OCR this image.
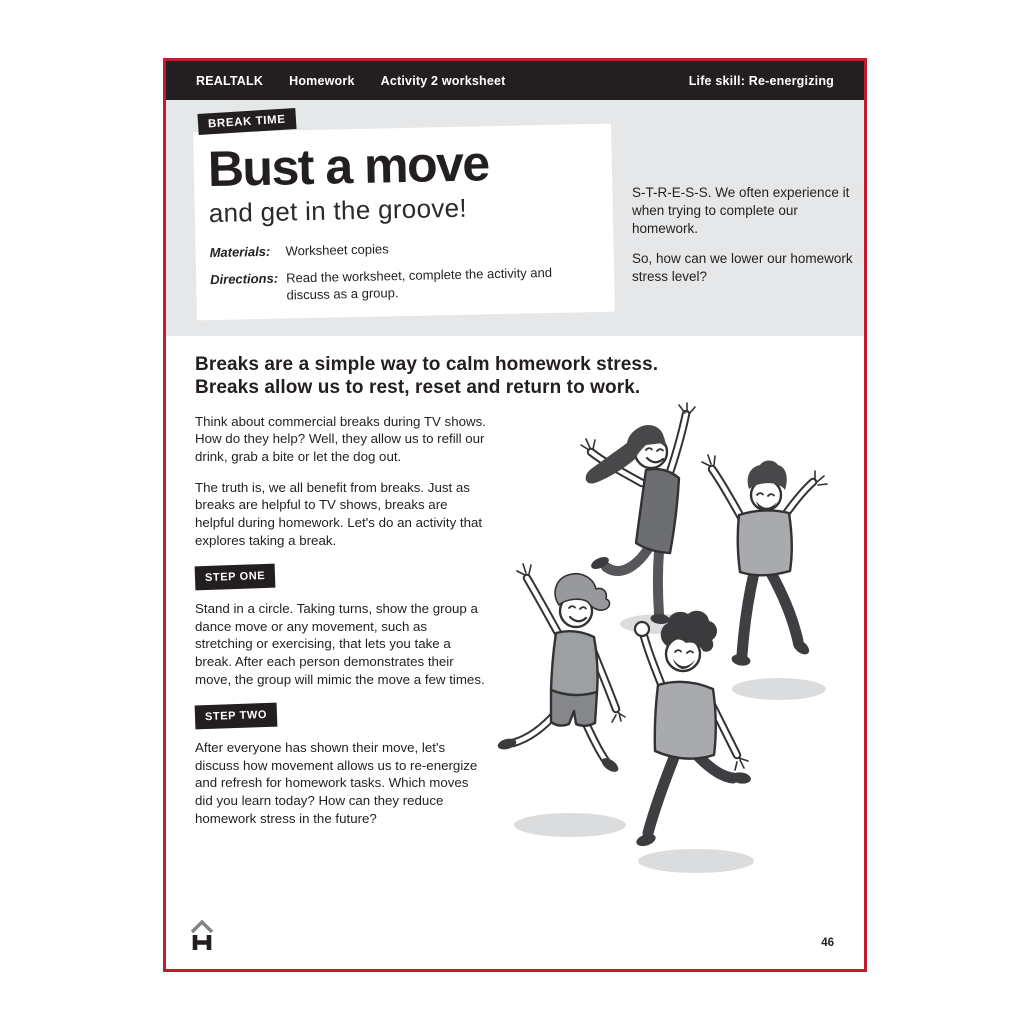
REALTALK Homework Activity 2 worksheet	Life skill: Re-energizing
BREAK TIME
Bust a move
and get in the groove!
Materials:	Worksheet copies
Directions: Read the worksheet, complete the activity and discuss as a group.

S-T-R-E-S-S. We often experience it when trying to complete our homework.

So, how can we lower our homework stress level?

Breaks are a simple way to calm homework stress.
Breaks allow us to rest, reset and return to work.

Think about commercial breaks during TV shows. How do they help? Well, they allow us to refill our drink, grab a bite or let the dog out.

The truth is, we all benefit from breaks. Just as breaks are helpful to TV shows, breaks are helpful during homework. Let's do an activity that explores taking a break.

STEP ONE

Stand in a circle. Taking turns, show the group a dance move or any movement, such as stretching or exercising, that lets you take a break. After each person demonstrates their move, the group will mimic the move a few times.

STEP TWO

After everyone has shown their move, let's discuss how movement allows us to re-energize and refresh for homework tasks. Which moves did you learn today? How can they reduce homework stress in the future?

46
